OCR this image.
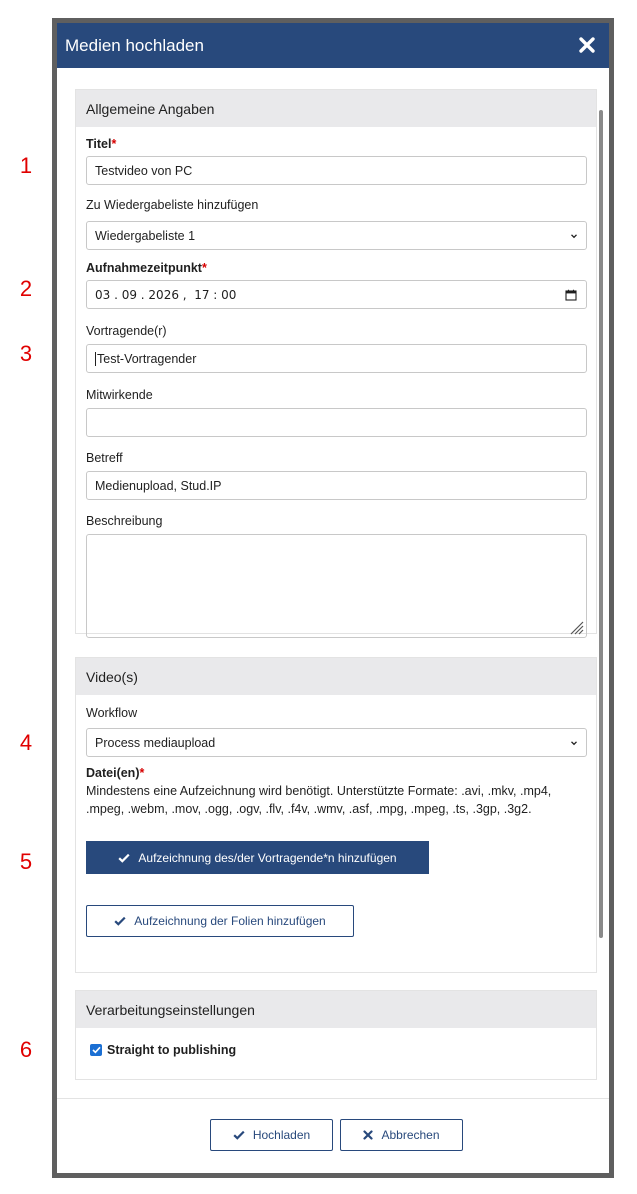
1
2
3
4
5
6
Medien hochladen
Allgemeine Angaben
Titel*
Testvideo von PC
Zu Wiedergabeliste hinzufügen
Wiedergabeliste 1
Aufnahmezeitpunkt*
03 . 09 . 2026 ,  17 : 00
Vortragende(r)
Test-Vortragender
Mitwirkende
Betreff
Medienupload, Stud.IP
Beschreibung
Video(s)
Workflow
Process mediaupload
Datei(en)*
Mindestens eine Aufzeichnung wird benötigt. Unterstützte Formate: .avi, .mkv, .mp4, .mpeg, .webm, .mov, .ogg, .ogv, .flv, .f4v, .wmv, .asf, .mpg, .mpeg, .ts, .3gp, .3g2.
Aufzeichnung des/der Vortragende*n hinzufügen
Aufzeichnung der Folien hinzufügen
Verarbeitungseinstellungen
Straight to publishing
Hochladen	Abbrechen
